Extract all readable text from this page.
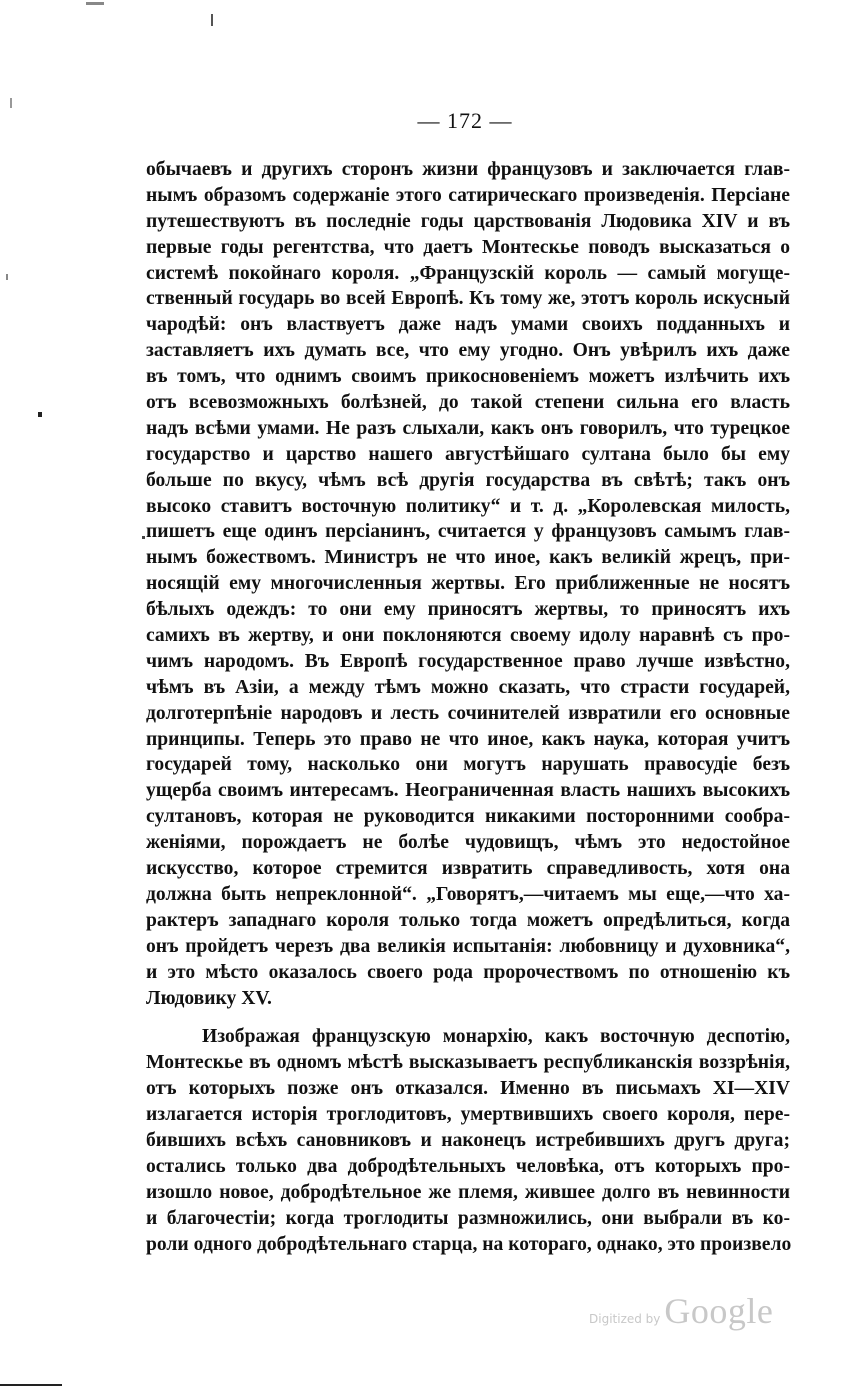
— 172 —
обычаевъ и другихъ сторонъ жизни французовъ и заключается глав-
нымъ образомъ содержаніе этого сатирическаго произведенія. Персіане
путешествуютъ въ последніе годы царствованія Людовика XIV и въ
первые годы регентства, что даетъ Монтескье поводъ высказаться о
системѣ покойнаго короля. „Французскій король — самый могуще-
ственный государь во всей Европѣ. Къ тому же, этотъ король искусный
чародѣй: онъ властвуетъ даже надъ умами своихъ подданныхъ и
заставляетъ ихъ думать все, что ему угодно. Онъ увѣрилъ ихъ даже
въ томъ, что однимъ своимъ прикосновеніемъ можетъ излѣчить ихъ
отъ всевозможныхъ болѣзней, до такой степени сильна его власть
надъ всѣми умами. Не разъ слыхали, какъ онъ говорилъ, что турецкое
государство и царство нашего августѣйшаго султана было бы ему
больше по вкусу, чѣмъ всѣ другія государства въ свѣтѣ; такъ онъ
высоко ставитъ восточную политику“ и т. д. „Королевская милость,
пишетъ еще одинъ персіанинъ, считается у французовъ самымъ глав-
нымъ божествомъ. Министръ не что иное, какъ великій жрецъ, при-
носящій ему многочисленныя жертвы. Его приближенные не носятъ
бѣлыхъ одеждъ: то они ему приносятъ жертвы, то приносятъ ихъ
самихъ въ жертву, и они поклоняются своему идолу наравнѣ съ про-
чимъ народомъ. Въ Европѣ государственное право лучше извѣстно,
чѣмъ въ Азіи, а между тѣмъ можно сказать, что страсти государей,
долготерпѣніе народовъ и лесть сочинителей извратили его основные
принципы. Теперь это право не что иное, какъ наука, которая учитъ
государей тому, насколько они могутъ нарушать правосудіе безъ
ущерба своимъ интересамъ. Неограниченная власть нашихъ высокихъ
султановъ, которая не руководится никакими посторонними сообра-
женіями, порождаетъ не болѣе чудовищъ, чѣмъ это недостойное
искусство, которое стремится извратить справедливость, хотя она
должна быть непреклонной“. „Говорятъ,—читаемъ мы еще,—что ха-
рактеръ западнаго короля только тогда можетъ опредѣлиться, когда
онъ пройдетъ черезъ два великія испытанія: любовницу и духовника“,
и это мѣсто оказалось своего рода пророчествомъ по отношенію къ
Людовику XV.
Изображая французскую монархію, какъ восточную деспотію,
Монтескье въ одномъ мѣстѣ высказываетъ республиканскія воззрѣнія,
отъ которыхъ позже онъ отказался. Именно въ письмахъ XI—XIV
излагается исторія троглодитовъ, умертвившихъ своего короля, пере-
бившихъ всѣхъ сановниковъ и наконецъ истребившихъ другъ друга;
остались только два добродѣтельныхъ человѣка, отъ которыхъ про-
изошло новое, добродѣтельное же племя, жившее долго въ невинности
и благочестіи; когда троглодиты размножились, они выбрали въ ко-
роли одного добродѣтельнаго старца, на котораго, однако, это произвело
Digitized by Google
